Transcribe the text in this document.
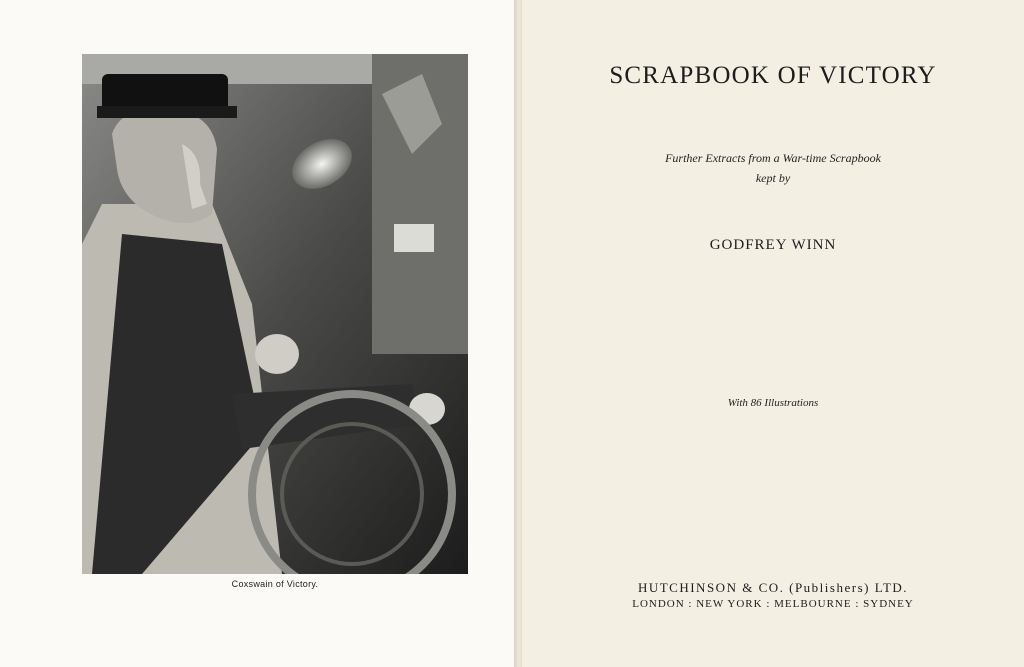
Coxswain of Victory.
SCRAPBOOK OF VICTORY
Further Extracts from a War-time Scrapbook
kept by
GODFREY WINN
With 86 Illustrations
HUTCHINSON & CO. (Publishers) LTD.
LONDON : NEW YORK : MELBOURNE : SYDNEY
